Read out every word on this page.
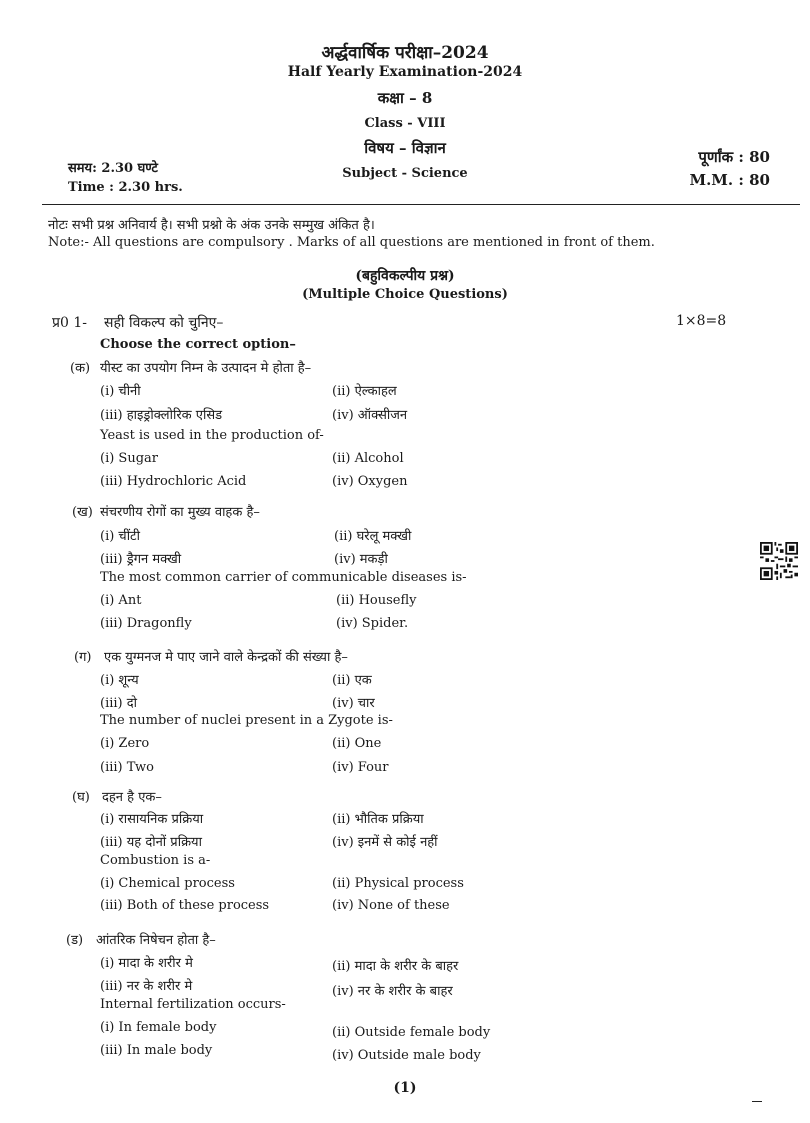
अर्द्धवार्षिक परीक्षा–2024
Half Yearly Examination-2024
कक्षा – 8
Class - VIII
विषय – विज्ञान
Subject - Science
समय: 2.30 घण्टे
Time : 2.30 hrs.
पूर्णांक : 80
M.M. : 80
नोटः सभी प्रश्न अनिवार्य है। सभी प्रश्नो के अंक उनके सम्मुख अंकित है।
Note:- All questions are compulsory . Marks of all questions are mentioned in front of them.
(बहुविकल्पीय प्रश्न)
(Multiple Choice Questions)
प्र0 1- सही विकल्प को चुनिए–	1×8=8
Choose the correct option–
(क) यीस्ट का उपयोग निम्न के उत्पादन मे होता है–
(i) चीनी	(ii) ऐल्काहल
(iii) हाइड्रोक्लोरिक एसिड	(iv) ऑक्सीजन
Yeast is used in the production of-
(i) Sugar	(ii) Alcohol
(iii) Hydrochloric Acid	(iv) Oxygen
(ख) संचरणीय रोगों का मुख्य वाहक है–
(i) चींटी	(ii) घरेलू मक्खी
(iii) ड्रैगन मक्खी	(iv) मकड़ी
The most common carrier of communicable diseases is-
(i) Ant	(ii) Housefly
(iii) Dragonfly	(iv) Spider.
(ग) एक युग्मनज मे पाए जाने वाले केन्द्रकों की संख्या है–
(i) शून्य	(ii) एक
(iii) दो	(iv) चार
The number of nuclei present in a Zygote is-
(i) Zero	(ii) One
(iii) Two	(iv) Four
(घ) दहन है एक–
(i) रासायनिक प्रक्रिया	(ii) भौतिक प्रक्रिया
(iii) यह दोनों प्रक्रिया	(iv) इनमें से कोई नहीं
Combustion is a-
(i) Chemical process	(ii) Physical process
(iii) Both of these process	(iv) None of these
(ड) आंतरिक निषेचन होता है–
(i) मादा के शरीर मे	(ii) मादा के शरीर के बाहर
(iii) नर के शरीर मे	(iv) नर के शरीर के बाहर
Internal fertilization occurs-
(i) In female body	(ii) Outside female body
(iii) In male body	(iv) Outside male body
(1)
